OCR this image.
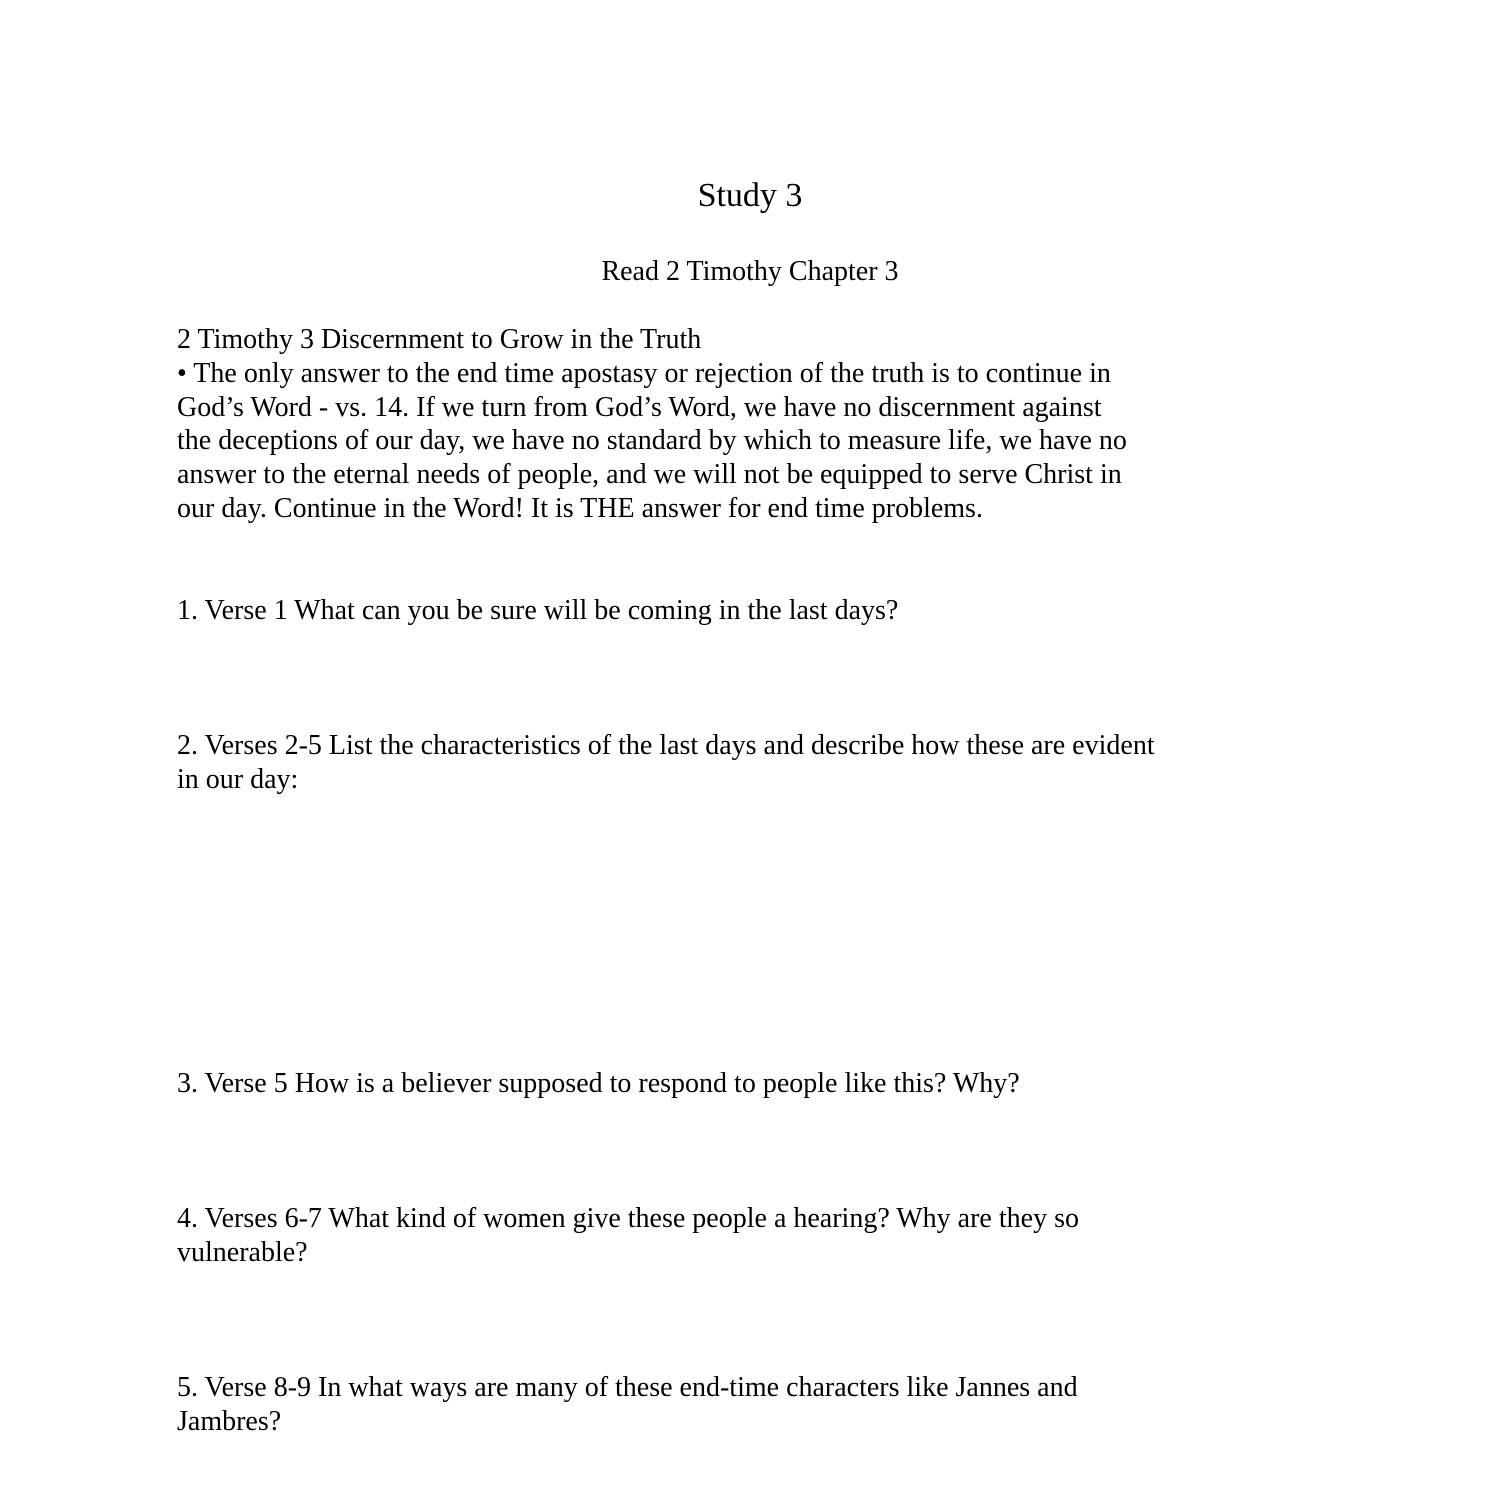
Study 3
Read 2 Timothy Chapter 3
2 Timothy 3 Discernment to Grow in the Truth
• The only answer to the end time apostasy or rejection of the truth is to continue in
God’s Word - vs. 14. If we turn from God’s Word, we have no discernment against
the deceptions of our day, we have no standard by which to measure life, we have no
answer to the eternal needs of people, and we will not be equipped to serve Christ in
our day. Continue in the Word! It is THE answer for end time problems.
1. Verse 1 What can you be sure will be coming in the last days?
2. Verses 2-5 List the characteristics of the last days and describe how these are evident
in our day:
3. Verse 5 How is a believer supposed to respond to people like this? Why?
4. Verses 6-7 What kind of women give these people a hearing? Why are they so
vulnerable?
5. Verse 8-9 In what ways are many of these end-time characters like Jannes and
Jambres?
